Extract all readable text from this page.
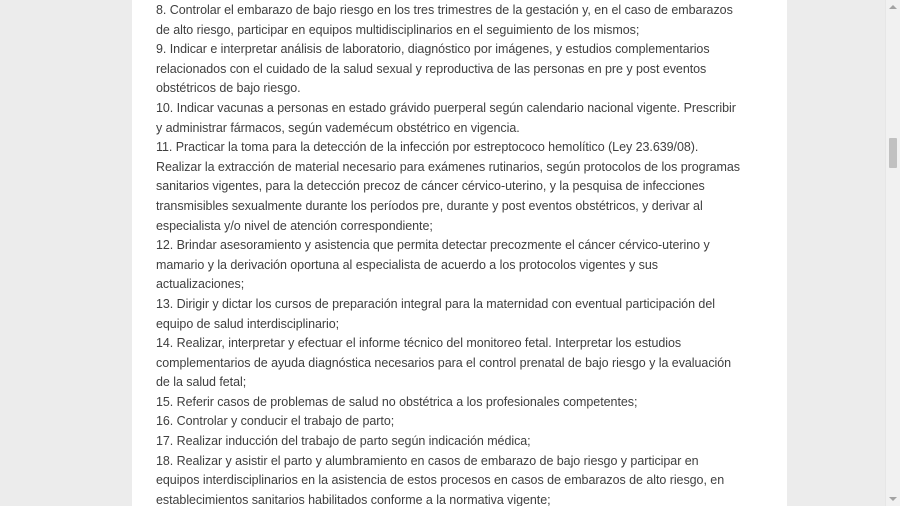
8. Controlar el embarazo de bajo riesgo en los tres trimestres de la gestación y, en el caso de embarazos

de alto riesgo, participar en equipos multidisciplinarios en el seguimiento de los mismos;

9. Indicar e interpretar análisis de laboratorio, diagnóstico por imágenes, y estudios complementarios

relacionados con el cuidado de la salud sexual y reproductiva de las personas en pre y post eventos

obstétricos de bajo riesgo.

10. Indicar vacunas a personas en estado grávido puerperal según calendario nacional vigente. Prescribir

y administrar fármacos, según vademécum obstétrico en vigencia.

11. Practicar la toma para la detección de la infección por estreptococo hemolítico (Ley 23.639/08).

Realizar la extracción de material necesario para exámenes rutinarios, según protocolos de los programas

sanitarios vigentes, para la detección precoz de cáncer cérvico-uterino, y la pesquisa de infecciones

transmisibles sexualmente durante los períodos pre, durante y post eventos obstétricos, y derivar al

especialista y/o nivel de atención correspondiente;

12. Brindar asesoramiento y asistencia que permita detectar precozmente el cáncer cérvico-uterino y

mamario y la derivación oportuna al especialista de acuerdo a los protocolos vigentes y sus

actualizaciones;

13. Dirigir y dictar los cursos de preparación integral para la maternidad con eventual participación del

equipo de salud interdisciplinario;

14. Realizar, interpretar y efectuar el informe técnico del monitoreo fetal. Interpretar los estudios

complementarios de ayuda diagnóstica necesarios para el control prenatal de bajo riesgo y la evaluación

de la salud fetal;

15. Referir casos de problemas de salud no obstétrica a los profesionales competentes;

16. Controlar y conducir el trabajo de parto;

17. Realizar inducción del trabajo de parto según indicación médica;

18. Realizar y asistir el parto y alumbramiento en casos de embarazo de bajo riesgo y participar en

equipos interdisciplinarios en la asistencia de estos procesos en casos de embarazos de alto riesgo, en

establecimientos sanitarios habilitados conforme a la normativa vigente;
